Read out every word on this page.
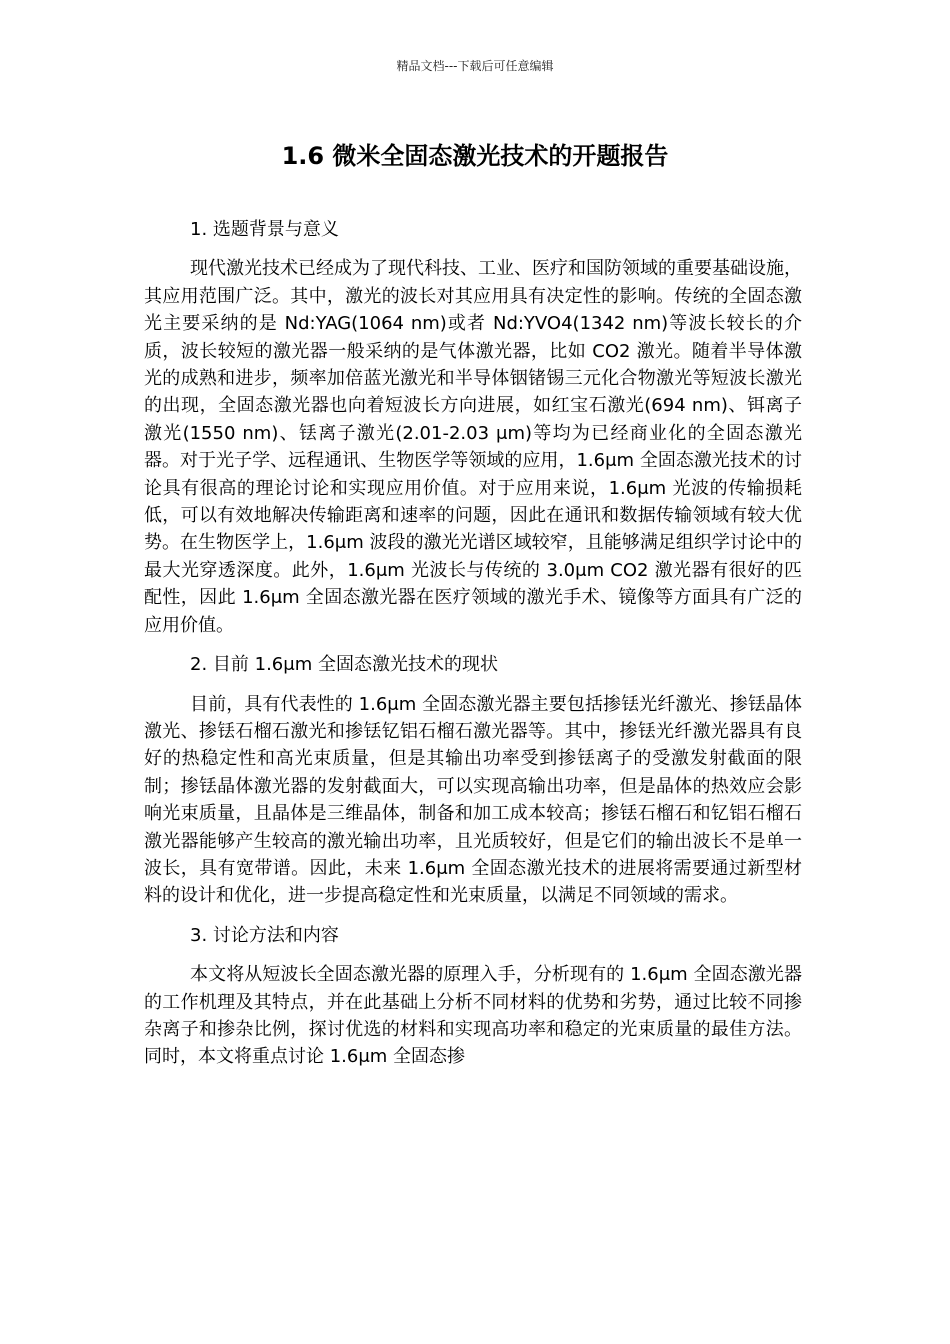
精品文档---下载后可任意编辑
1.6 微米全固态激光技术的开题报告
1. 选题背景与意义

现代激光技术已经成为了现代科技、工业、医疗和国防领域的重要基础设施，其应用范围广泛。其中，激光的波长对其应用具有决定性的影响。传统的全固态激光主要采纳的是 Nd:YAG(1064 nm)或者 Nd:YVO4(1342 nm)等波长较长的介质，波长较短的激光器一般采纳的是气体激光器，比如 CO2 激光。随着半导体激光的成熟和进步，频率加倍蓝光激光和半导体铟锗锡三元化合物激光等短波长激光的出现，全固态激光器也向着短波长方向进展，如红宝石激光(694 nm)、铒离子激光(1550 nm)、铥离子激光(2.01-2.03 μm)等均为已经商业化的全固态激光器。对于光子学、远程通讯、生物医学等领域的应用，1.6μm 全固态激光技术的讨论具有很高的理论讨论和实现应用价值。对于应用来说，1.6μm 光波的传输损耗低，可以有效地解决传输距离和速率的问题，因此在通讯和数据传输领域有较大优势。在生物医学上，1.6μm 波段的激光光谱区域较窄，且能够满足组织学讨论中的最大光穿透深度。此外，1.6μm 光波长与传统的 3.0μm CO2 激光器有很好的匹配性，因此 1.6μm 全固态激光器在医疗领域的激光手术、镜像等方面具有广泛的应用价值。

2. 目前 1.6μm 全固态激光技术的现状

目前，具有代表性的 1.6μm 全固态激光器主要包括掺铥光纤激光、掺铥晶体激光、掺铥石榴石激光和掺铥钇铝石榴石激光器等。其中，掺铥光纤激光器具有良好的热稳定性和高光束质量，但是其输出功率受到掺铥离子的受激发射截面的限制；掺铥晶体激光器的发射截面大，可以实现高输出功率，但是晶体的热效应会影响光束质量，且晶体是三维晶体，制备和加工成本较高；掺铥石榴石和钇铝石榴石激光器能够产生较高的激光输出功率，且光质较好，但是它们的输出波长不是单一波长，具有宽带谱。因此，未来 1.6μm 全固态激光技术的进展将需要通过新型材料的设计和优化，进一步提高稳定性和光束质量，以满足不同领域的需求。

3. 讨论方法和内容

本文将从短波长全固态激光器的原理入手，分析现有的 1.6μm 全固态激光器的工作机理及其特点，并在此基础上分析不同材料的优势和劣势，通过比较不同掺杂离子和掺杂比例，探讨优选的材料和实现高功率和稳定的光束质量的最佳方法。同时，本文将重点讨论 1.6μm 全固态掺
